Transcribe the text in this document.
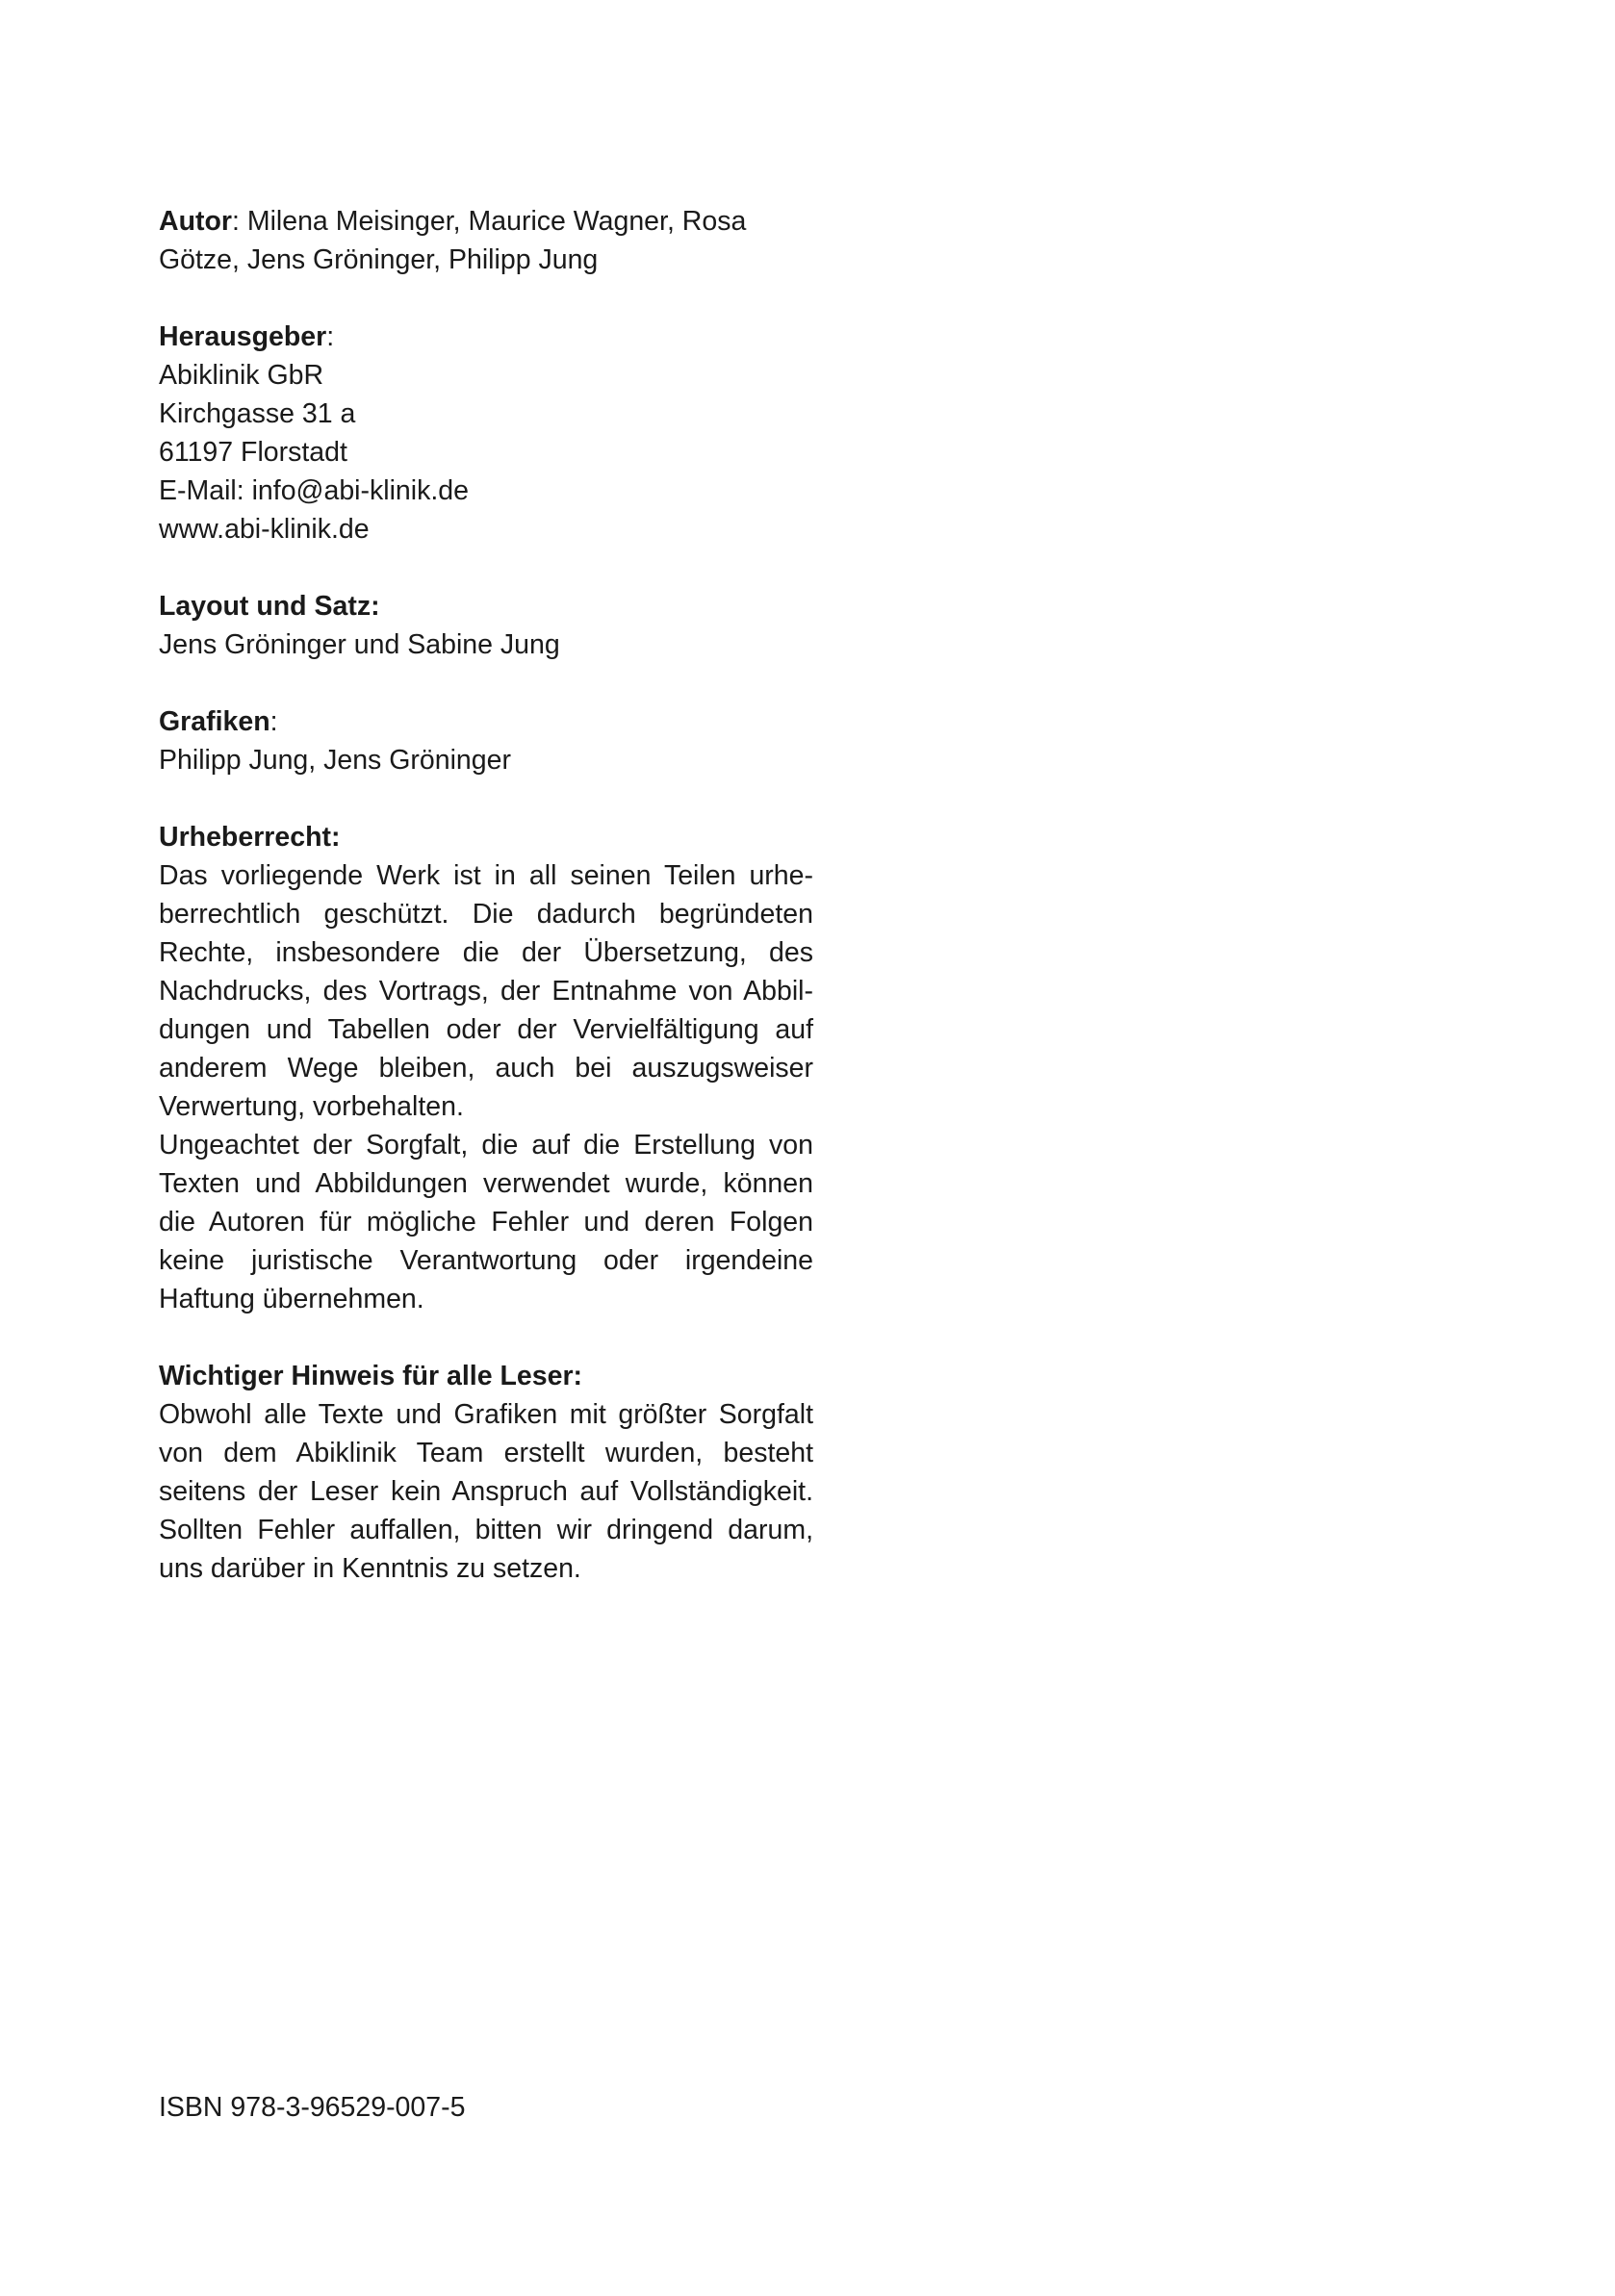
Autor: Milena Meisinger, Maurice Wagner, Rosa
Götze, Jens Gröninger, Philipp Jung
Herausgeber:
Abiklinik GbR
Kirchgasse 31 a
61197 Florstadt
E-Mail: info@abi-klinik.de
www.abi-klinik.de
Layout und Satz:
Jens Gröninger und Sabine Jung
Grafiken:
Philipp Jung, Jens Gröninger
Urheberrecht:

Das vorliegende Werk ist in all seinen Teilen urheberrechtlich geschützt. Die dadurch begründeten Rechte, insbesondere die der Übersetzung, des Nachdrucks, des Vortrags, der Entnahme von Abbildungen und Tabellen oder der Vervielfältigung auf anderem Wege bleiben, auch bei auszugsweiser Verwertung, vorbehalten.

Ungeachtet der Sorgfalt, die auf die Erstellung von Texten und Abbildungen verwendet wurde, können die Autoren für mögliche Fehler und deren Folgen keine juristische Verantwortung oder irgendeine Haftung übernehmen.

Wichtiger Hinweis für alle Leser:

Obwohl alle Texte und Grafiken mit größter Sorgfalt von dem Abiklinik Team erstellt wurden, besteht seitens der Leser kein Anspruch auf Vollständigkeit. Sollten Fehler auffallen, bitten wir dringend darum, uns darüber in Kenntnis zu setzen.

ISBN 978-3-96529-007-5
